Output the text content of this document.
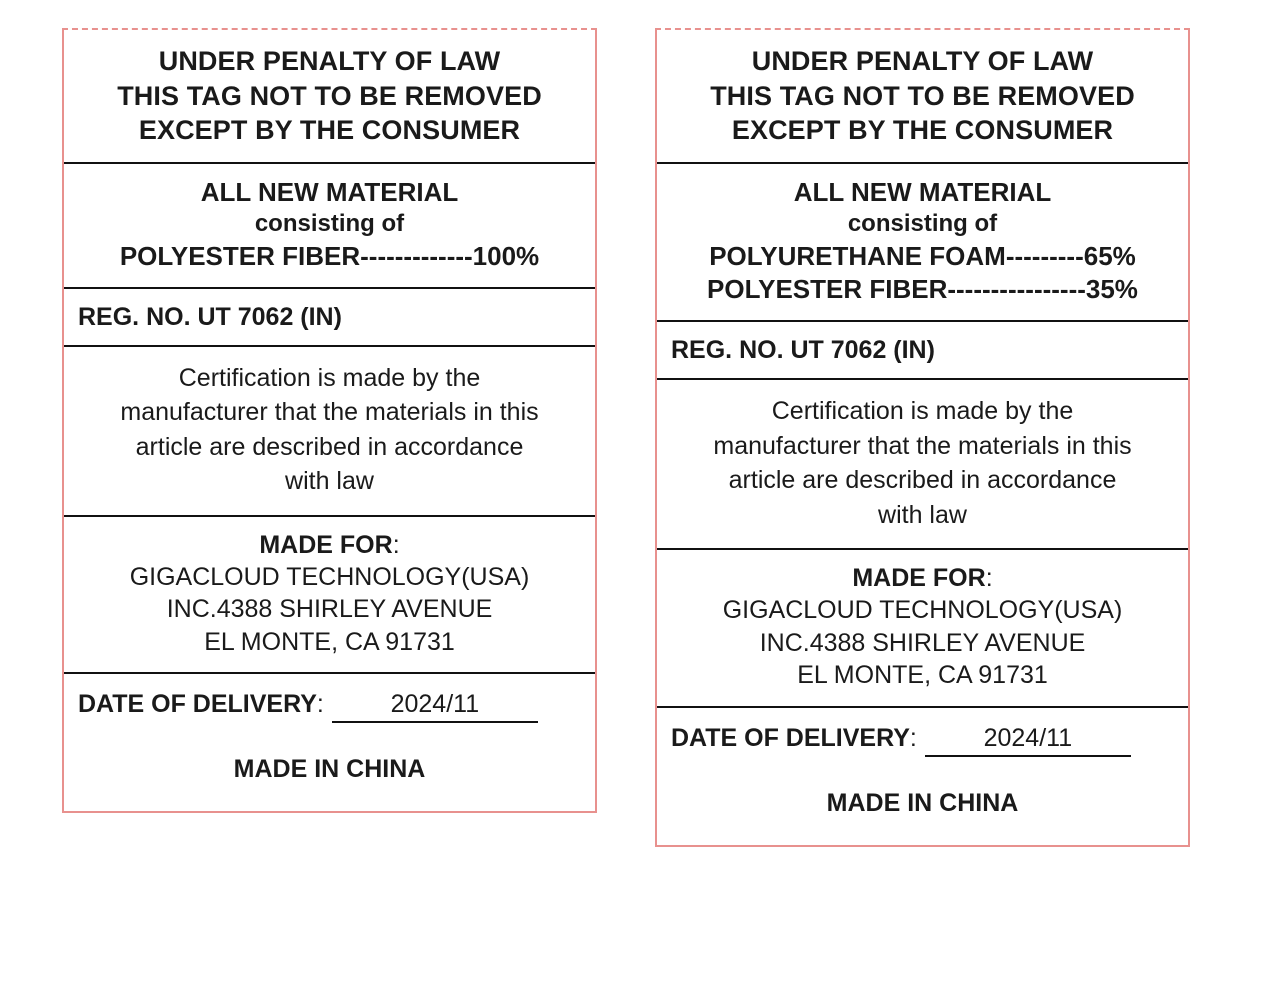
UNDER PENALTY OF LAW
THIS TAG NOT TO BE REMOVED
EXCEPT BY THE CONSUMER
ALL NEW MATERIAL
consisting of
POLYESTER FIBER-------------100%
REG. NO. UT 7062 (IN)
Certification is made by the
manufacturer that the materials in this
article are described in accordance
with law
MADE FOR:
GIGACLOUD TECHNOLOGY(USA)
INC.4388 SHIRLEY AVENUE
EL MONTE, CA 91731
DATE OF DELIVERY:	2024/11
MADE IN CHINA
UNDER PENALTY OF LAW
THIS TAG NOT TO BE REMOVED
EXCEPT BY THE CONSUMER
ALL NEW MATERIAL
consisting of
POLYURETHANE FOAM---------65%
POLYESTER FIBER----------------35%
REG. NO. UT 7062 (IN)
Certification is made by the
manufacturer that the materials in this
article are described in accordance
with law
MADE FOR:
GIGACLOUD TECHNOLOGY(USA)
INC.4388 SHIRLEY AVENUE
EL MONTE, CA 91731
DATE OF DELIVERY:	2024/11
MADE IN CHINA
